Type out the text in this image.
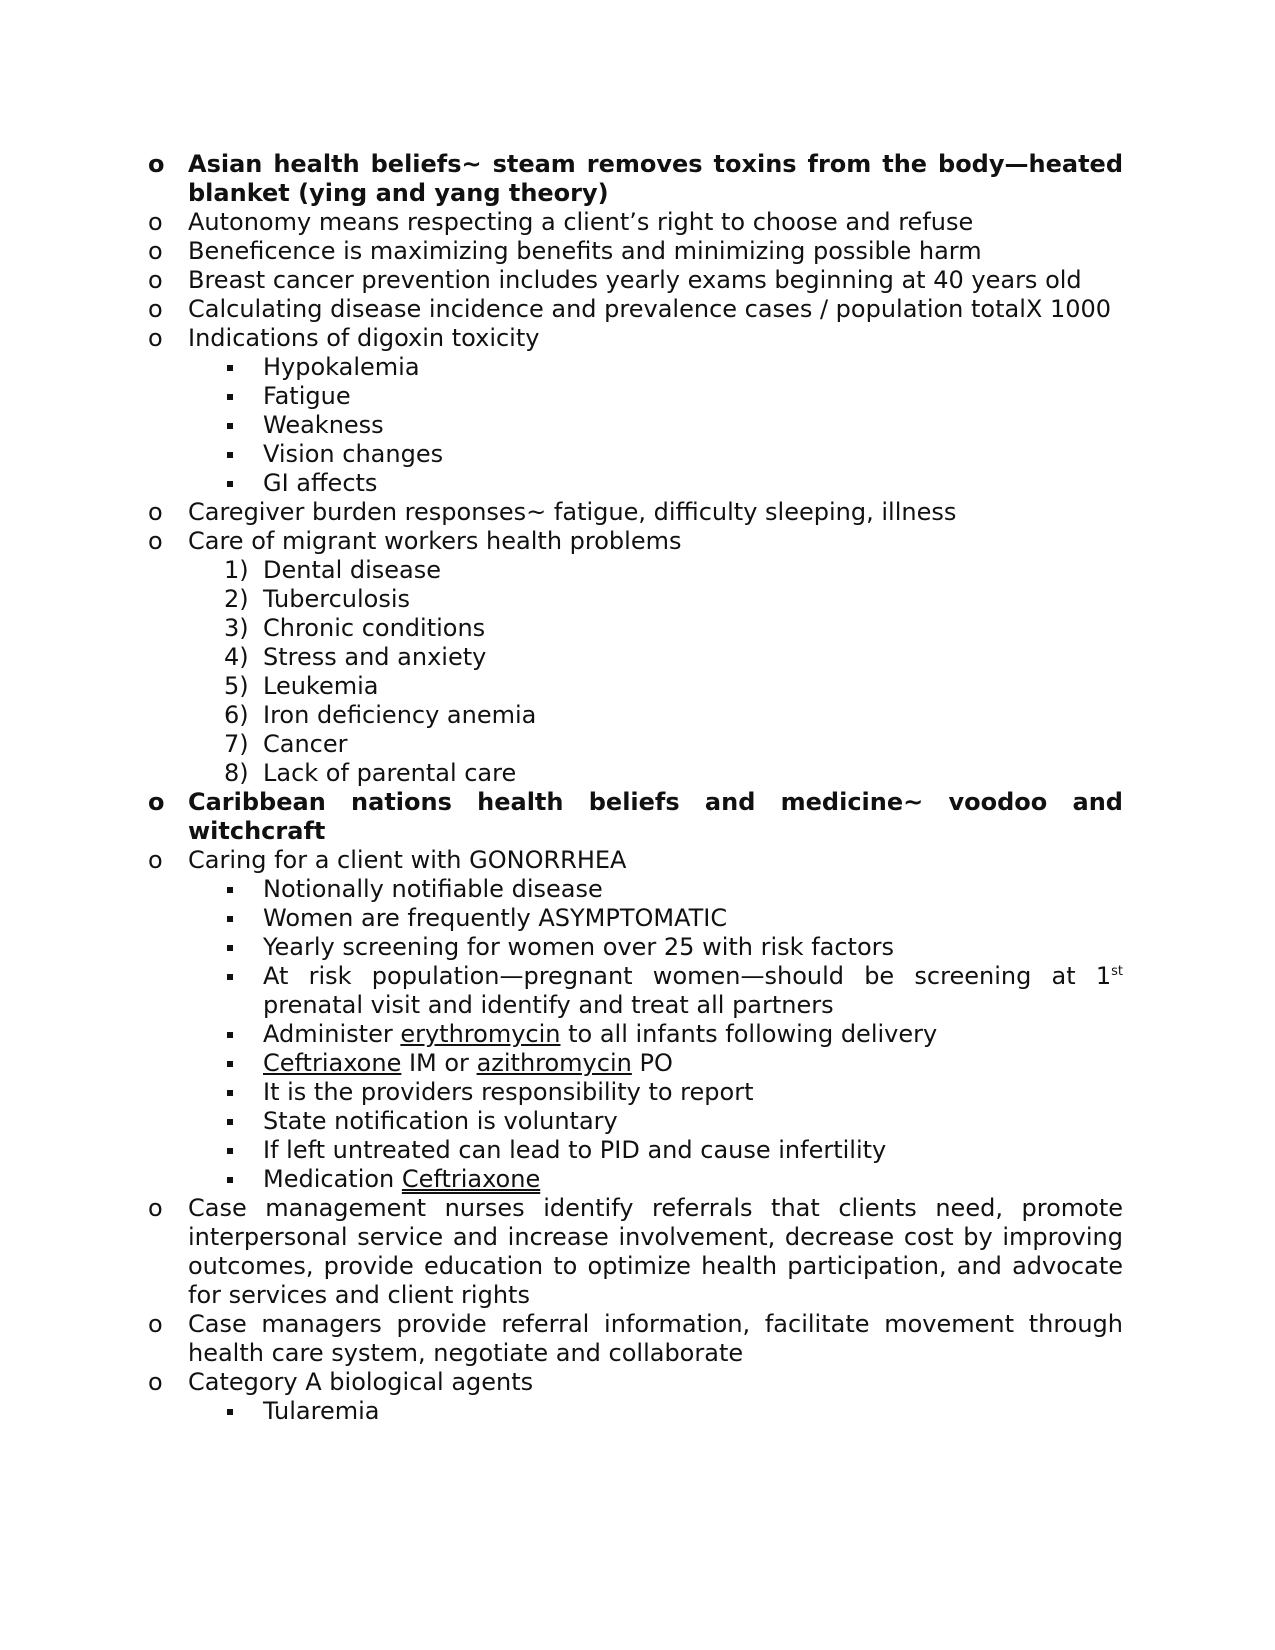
o Asian health beliefs~ steam removes toxins from the body—heated blanket (ying and yang theory)
o Autonomy means respecting a client’s right to choose and refuse
o Beneficence is maximizing benefits and minimizing possible harm
o Breast cancer prevention includes yearly exams beginning at 40 years old
o Calculating disease incidence and prevalence cases / population totalX 1000
o Indications of digoxin toxicity
Hypokalemia
Fatigue
Weakness
Vision changes
GI affects
o Caregiver burden responses~ fatigue, difficulty sleeping, illness
o Care of migrant workers health problems
1) Dental disease
2) Tuberculosis
3) Chronic conditions
4) Stress and anxiety
5) Leukemia
6) Iron deficiency anemia
7) Cancer
8) Lack of parental care
o Caribbean nations health beliefs and medicine~ voodoo and witchcraft
o Caring for a client with GONORRHEA
Notionally notifiable disease
Women are frequently ASYMPTOMATIC
Yearly screening for women over 25 with risk factors
At risk population—pregnant women—should be screening at 1st prenatal visit and identify and treat all partners
Administer erythromycin to all infants following delivery
Ceftriaxone IM or azithromycin PO
It is the providers responsibility to report
State notification is voluntary
If left untreated can lead to PID and cause infertility
Medication Ceftriaxone
o Case management nurses identify referrals that clients need, promote interpersonal service and increase involvement, decrease cost by improving outcomes, provide education to optimize health participation, and advocate for services and client rights
o Case managers provide referral information, facilitate movement through health care system, negotiate and collaborate
o Category A biological agents
Tularemia
